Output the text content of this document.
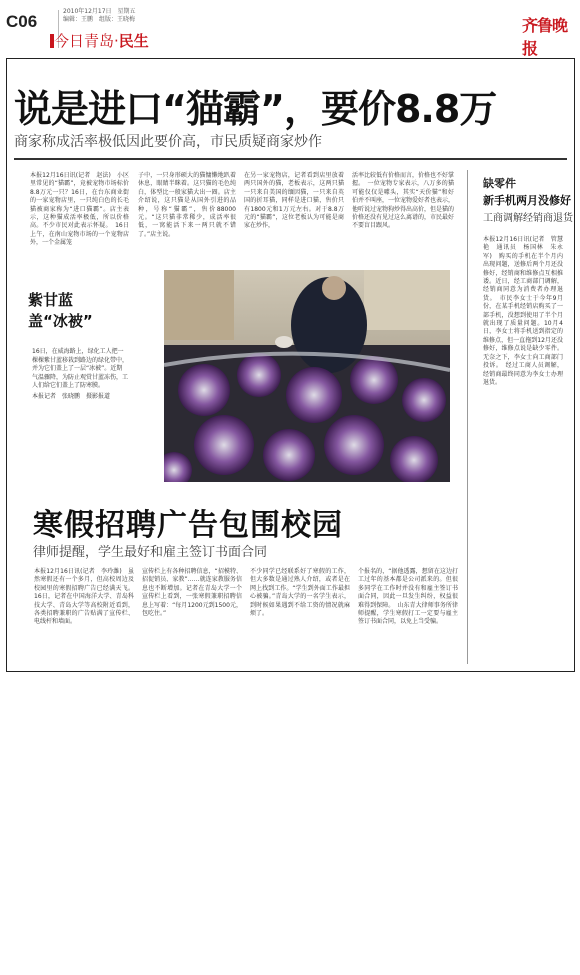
C06
2010年12月17日　星期五
编辑：王鹏　组版：王晓梅
今日青岛·民生
齐鲁晚报
说是进口“猫霸”，要价8.8万
商家称成活率极低因此要价高，市民质疑商家炒作
本报12月16日讯(记者　赵法)　小区里常见的“猫霸”，竟被宠物市场标价8.8万元一只？16日，在台东商业街的一家宠物店里，一只纯白色的长毛猫被商家称为“进口猫霸”。店主表示，这种猫成活率极低，所以价格高。不少市民对此表示怀疑。　16日上午，在南山宠物市场的一个宠物店外，一个金属笼
子中，一只身形硕大的猫慵懒地趴着休息，眼睛半眯着。这只猫的毛色纯白，体型比一般家猫大出一圈。店主介绍说，这只猫是从国外引进的品种，号称“猫霸”，售价88000元。“这只猫非常稀少，成活率很低，一窝能活下来一两只就不错了。”店主说。
在另一家宠物店，记者看到店里放着两只国外的猫，老板表示，这两只猫一只来自美国的缅因猫，一只来自英国的折耳猫，同样是进口猫，售价只有1800元和1万元左右。对于8.8万元的“猫霸”，这位老板认为可能是商家在炒作，
活率比较低有价格而言，价格也不好掌握。　一位宠物专家表示，八万多的猫可能仅仅是噱头，其实“天价猫”和好伯并不叫座，一位宠物爱好者也表示，他听说过宠物狗炒得出高价，但是猫的价格还没有见过这么离谱的，市民最好不要盲目跟风。
紫甘蓝
盖“冰被”
16日，在威海路上，绿化工人把一棵棵紫甘蓝移栽到路边的绿化带中，并为它们盖上了一层“冰被”。近期气温骤降，为防止观赏甘蓝冻伤，工人们给它们盖上了防寒膜。
本报记者　张晓鹏　摄影报道
寒假招聘广告包围校园
律师提醒，学生最好和雇主签订书面合同
本报12月16日讯(记者　李玲潍)　虽然寒假还有一个多月，但高校周边及校园里的寒假招聘广告已经满天飞。16日，记者在中国海洋大学、青岛科技大学、青岛大学等高校附近看到，各类招聘兼职的广告贴满了宣传栏、电线杆和墙面。
宣传栏上有各种招聘信息，“招模特、招促销员、家教”……就连家教服务信息也不断增加。记者在青岛大学一个宣传栏上看到，一张寒假兼职招聘信息上写着：“每月1200元到1500元，包吃住。”
不少同学已经联系好了寒假的工作，但大多数是通过熟人介绍，或者是在网上找到工作。“学生到外面工作最担心被骗。”青岛大学的一名学生表示，到时候如果遇到不给工资的情况就麻烦了。
个报名的，“据他透露，想留在这边打工过年的基本都是公司派来的。但很多同学在工作时并没有和雇主签订书面合同，因此一旦发生纠纷，权益很难得到保障。　山东青大律师事务所律师提醒，学生寒假打工一定要与雇主签订书面合同，以免上当受骗。
缺零件
新手机两月没修好
工商调解经销商退货
本报12月16日讯(记者　管慧艳　通讯员　杨国林　朱永军)　购买的手机在半个月内出现问题，送修后两个月还没修好，经销商和维修点互相推诿。近日，经工商部门调解，经销商同意为消费者办理退货。　市民李女士于今年9月份，在某手机经销店购买了一部手机，没想到使用了半个月就出现了质量问题。10月4日，李女士将手机送到指定的维修点，但一直拖到12月还没修好，维修点说是缺少零件。无奈之下，李女士向工商部门投诉。　经过工商人员调解，经销商最终同意为李女士办理退货。
